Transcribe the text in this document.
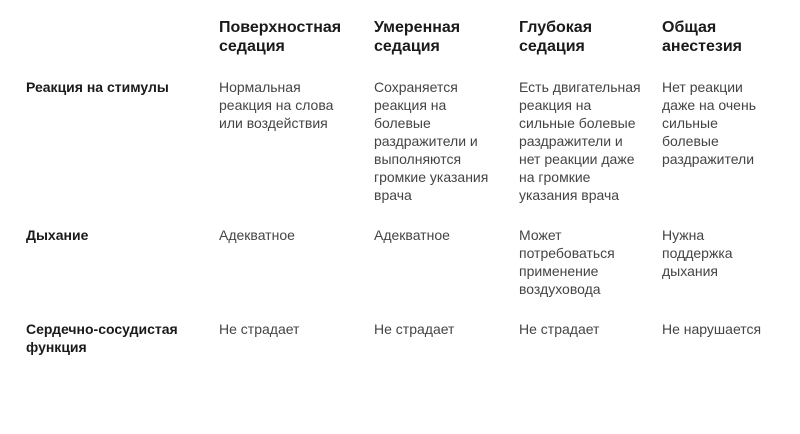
	Поверхностная седация	Умеренная седация	Глубокая седация	Общая анестезия
Реакция на стимулы	Нормальная реакция на слова или воздействия	Сохраняется реакция на болевые раздражители и выполняются громкие указания врача	Есть двигательная реакция на сильные болевые раздражители и нет реакции даже на громкие указания врача	Нет реакции даже на очень сильные болевые раздражители
Дыхание	Адекватное	Адекватное	Может потребоваться применение воздуховода	Нужна поддержка дыхания
Сердечно-сосудистая функция	Не страдает	Не страдает	Не страдает	Не нарушается
